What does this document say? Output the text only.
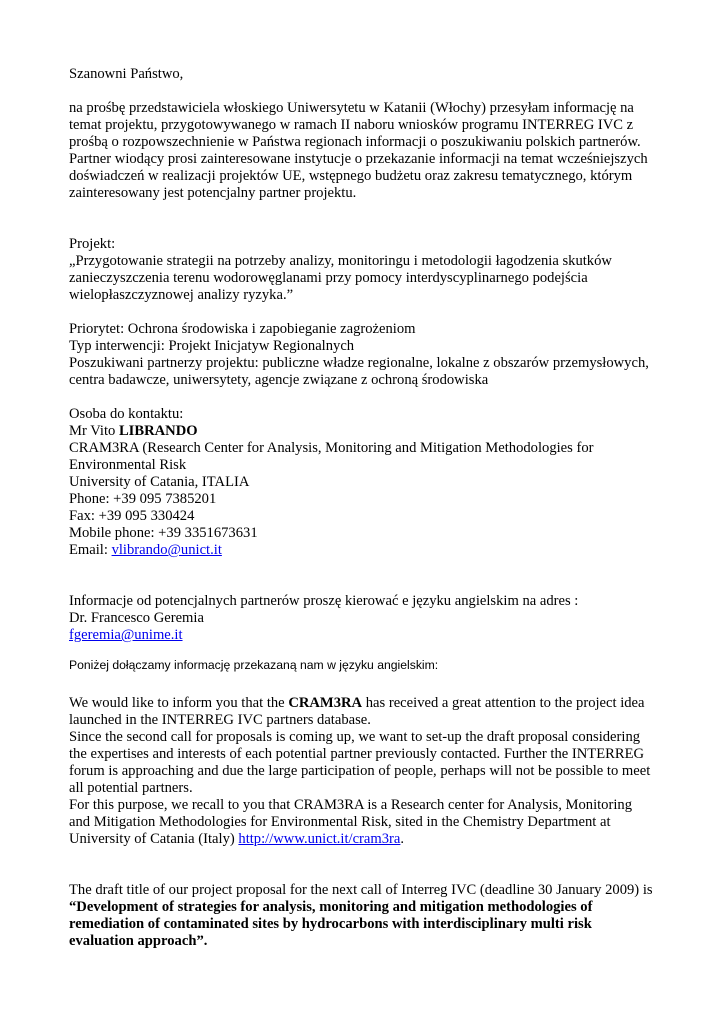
Szanowni Państwo,

na prośbę przedstawiciela włoskiego Uniwersytetu w Katanii (Włochy) przesyłam informację na
temat projektu, przygotowywanego w ramach II naboru wniosków programu INTERREG IVC z
prośbą o rozpowszechnienie w Państwa regionach informacji o poszukiwaniu polskich partnerów.
Partner wiodący prosi zainteresowane instytucje o przekazanie informacji na temat wcześniejszych
doświadczeń w realizacji projektów UE, wstępnego budżetu oraz zakresu tematycznego, którym
zainteresowany jest potencjalny partner projektu.
Projekt:
„Przygotowanie strategii na potrzeby analizy, monitoringu i metodologii łagodzenia skutków
zanieczyszczenia terenu wodorowęglanami przy pomocy interdyscyplinarnego podejścia
wielopłaszczyznowej analizy ryzyka.”
Priorytet: Ochrona środowiska i zapobieganie zagrożeniom
Typ interwencji: Projekt Inicjatyw Regionalnych
Poszukiwani partnerzy projektu: publiczne władze regionalne, lokalne z obszarów przemysłowych,
centra badawcze, uniwersytety, agencje związane z ochroną środowiska
Osoba do kontaktu:
Mr Vito LIBRANDO
CRAM3RA (Research Center for Analysis, Monitoring and Mitigation Methodologies for
Environmental Risk
University of Catania, ITALIA
Phone: +39 095 7385201
Fax: +39 095 330424
Mobile phone: +39 3351673631
Email: vlibrando@unict.it
Informacje od potencjalnych partnerów proszę kierować e języku angielskim na adres :
Dr. Francesco Geremia
fgeremia@unime.it

Poniżej dołączamy informację przekazaną nam w języku angielskim:

We would like to inform you that the CRAM3RA has received a great attention to the project idea
launched in the INTERREG IVC partners database.
Since the second call for proposals is coming up, we want to set-up the draft proposal considering
the expertises and interests of each potential partner previously contacted. Further the INTERREG
forum is approaching and due the large participation of people, perhaps will not be possible to meet
all potential partners.
For this purpose, we recall to you that CRAM3RA is a Research center for Analysis, Monitoring
and Mitigation Methodologies for Environmental Risk, sited in the Chemistry Department at
University of Catania (Italy) http://www.unict.it/cram3ra.
The draft title of our project proposal for the next call of Interreg IVC (deadline 30 January 2009) is
“Development of strategies for analysis, monitoring and mitigation methodologies of
remediation of contaminated sites by hydrocarbons with interdisciplinary multi risk
evaluation approach”.
